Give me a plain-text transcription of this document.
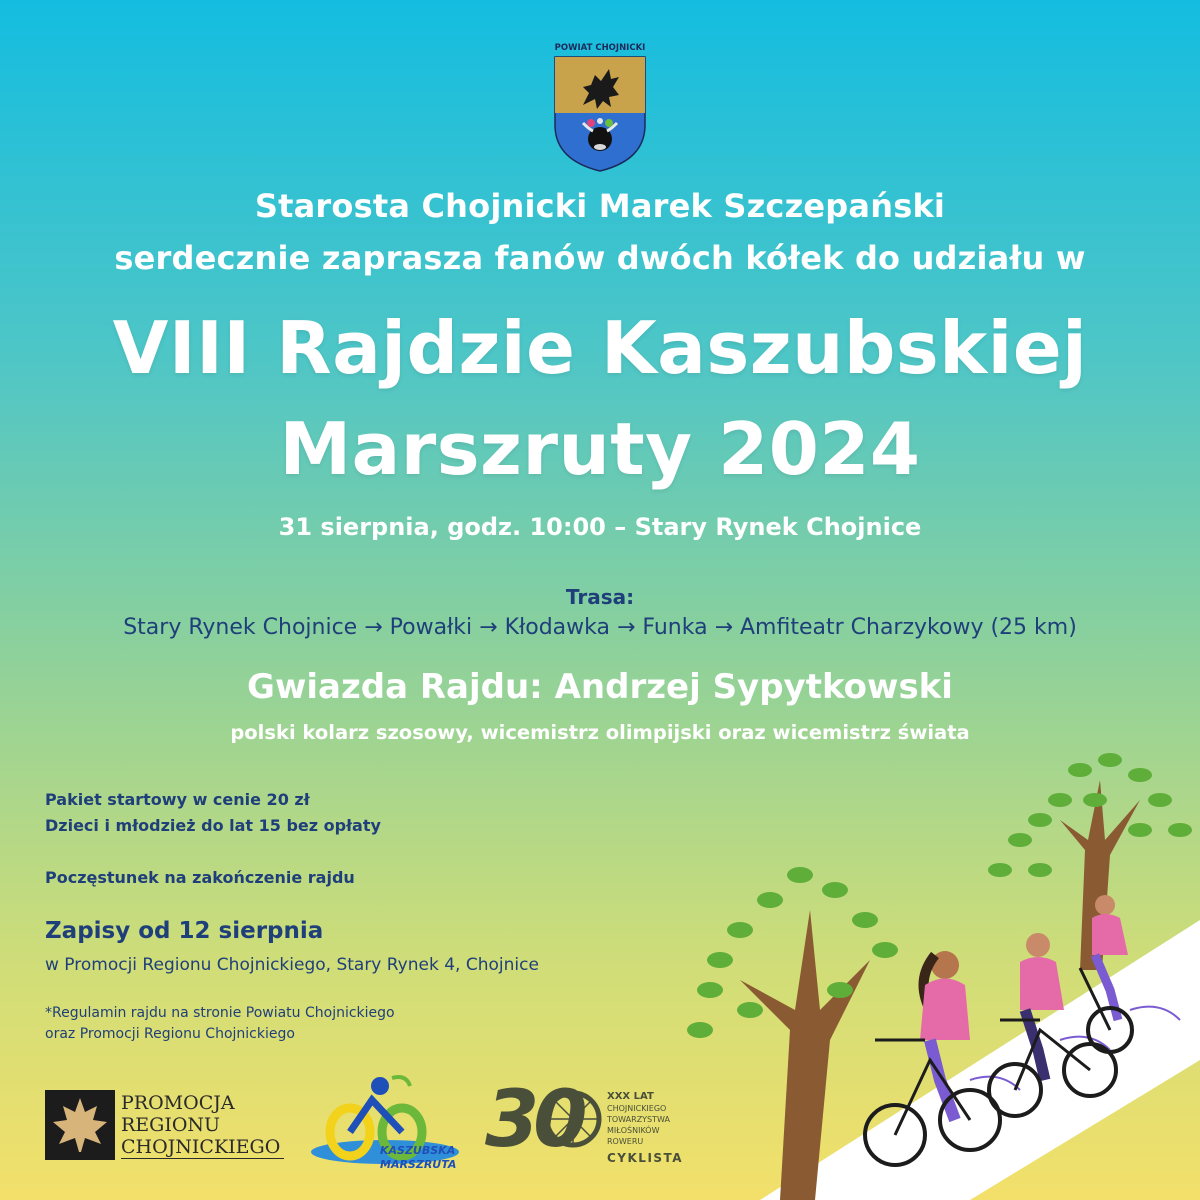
POWIAT CHOJNICKI
Starosta Chojnicki Marek Szczepański
serdecznie zaprasza fanów dwóch kółek do udziału w
VIII Rajdzie Kaszubskiej
Marszruty 2024
31 sierpnia, godz. 10:00 – Stary Rynek Chojnice
Trasa:
Stary Rynek Chojnice → Powałki → Kłodawka → Funka → Amfiteatr Charzykowy (25 km)
Gwiazda Rajdu: Andrzej Sypytkowski
polski kolarz szosowy, wicemistrz olimpijski oraz wicemistrz świata
Pakiet startowy w cenie 20 zł
Dzieci i młodzież do lat 15 bez opłaty
Poczęstunek na zakończenie rajdu
Zapisy od 12 sierpnia
w Promocji Regionu Chojnickiego, Stary Rynek 4, Chojnice
*Regulamin rajdu na stronie Powiatu Chojnickiego
oraz Promocji Regionu Chojnickiego
PROMOCJA
REGIONU
CHOJNICKIEGO	KASZUBSKA
MARSZRUTA 30	XXX LAT
CHOJNICKIEGO
TOWARZYSTWA
MIŁOŚNIKÓW
ROWERU
CYKLISTA
